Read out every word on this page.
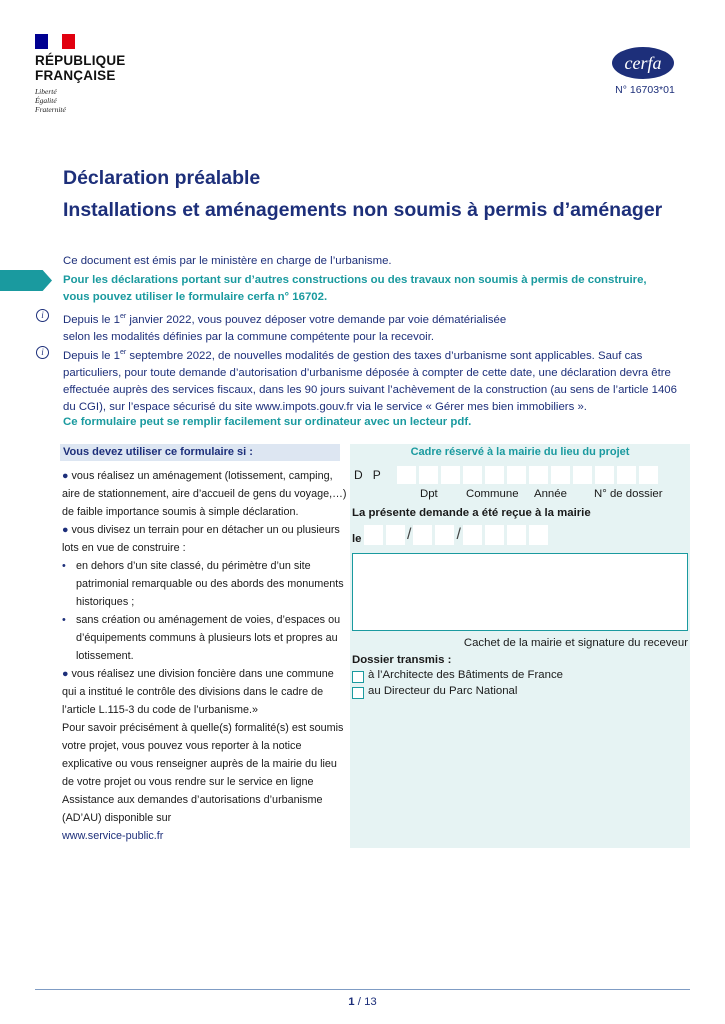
RÉPUBLIQUE
FRANÇAISE
Liberté
Égalité
Fraternité
cerfa
N° 16703*01
Déclaration préalable
Installations et aménagements non soumis à permis d’aménager
Ce document est émis par le ministère en charge de l’urbanisme.
Pour les déclarations portant sur d’autres constructions ou des travaux non soumis à permis de construire,
vous pouvez utiliser le formulaire cerfa n° 16702.
i	Depuis le 1er janvier 2022, vous pouvez déposer votre demande par voie dématérialisée
selon les modalités définies par la commune compétente pour la recevoir.
i	Depuis le 1er septembre 2022, de nouvelles modalités de gestion des taxes d’urbanisme sont applicables. Sauf cas particuliers, pour toute demande d’autorisation d’urbanisme déposée à compter de cette date, une déclaration devra être effectuée auprès des services fiscaux, dans les 90 jours suivant l’achèvement de la construction (au sens de l’article 1406 du CGI), sur l’espace sécurisé du site www.impots.gouv.fr via le service « Gérer mes bien immobiliers ».
Ce formulaire peut se remplir facilement sur ordinateur avec un lecteur pdf.
Vous devez utiliser ce formulaire si :

● vous réalisez un aménagement (lotissement, camping, aire de stationnement, aire d’accueil de gens du voyage,…) de faible importance soumis à simple déclaration.

● vous divisez un terrain pour en détacher un ou plusieurs lots en vue de construire :

• en dehors d’un site classé, du périmètre d’un site patrimonial remarquable ou des abords des monuments historiques ;

• sans création ou aménagement de voies, d’espaces ou d’équipements communs à plusieurs lots et propres au lotissement.

● vous réalisez une division foncière dans une commune qui a institué le contrôle des divisions dans le cadre de l’article L.115-3 du code de l’urbanisme.»

Pour savoir précisément à quelle(s) formalité(s) est soumis votre projet, vous pouvez vous reporter à la notice explicative ou vous renseigner auprès de la mairie du lieu de votre projet ou vous rendre sur le service en ligne Assistance aux demandes d’autorisations d’urbanisme (AD’AU) disponible sur
www.service-public.fr

Cadre réservé à la mairie du lieu du projet
D P
Dpt Commune Année N° de dossier
La présente demande a été reçue à la mairie
le	/	/
Cachet de la mairie et signature du receveur
Dossier transmis :
à l’Architecte des Bâtiments de France
au Directeur du Parc National
1 / 13
